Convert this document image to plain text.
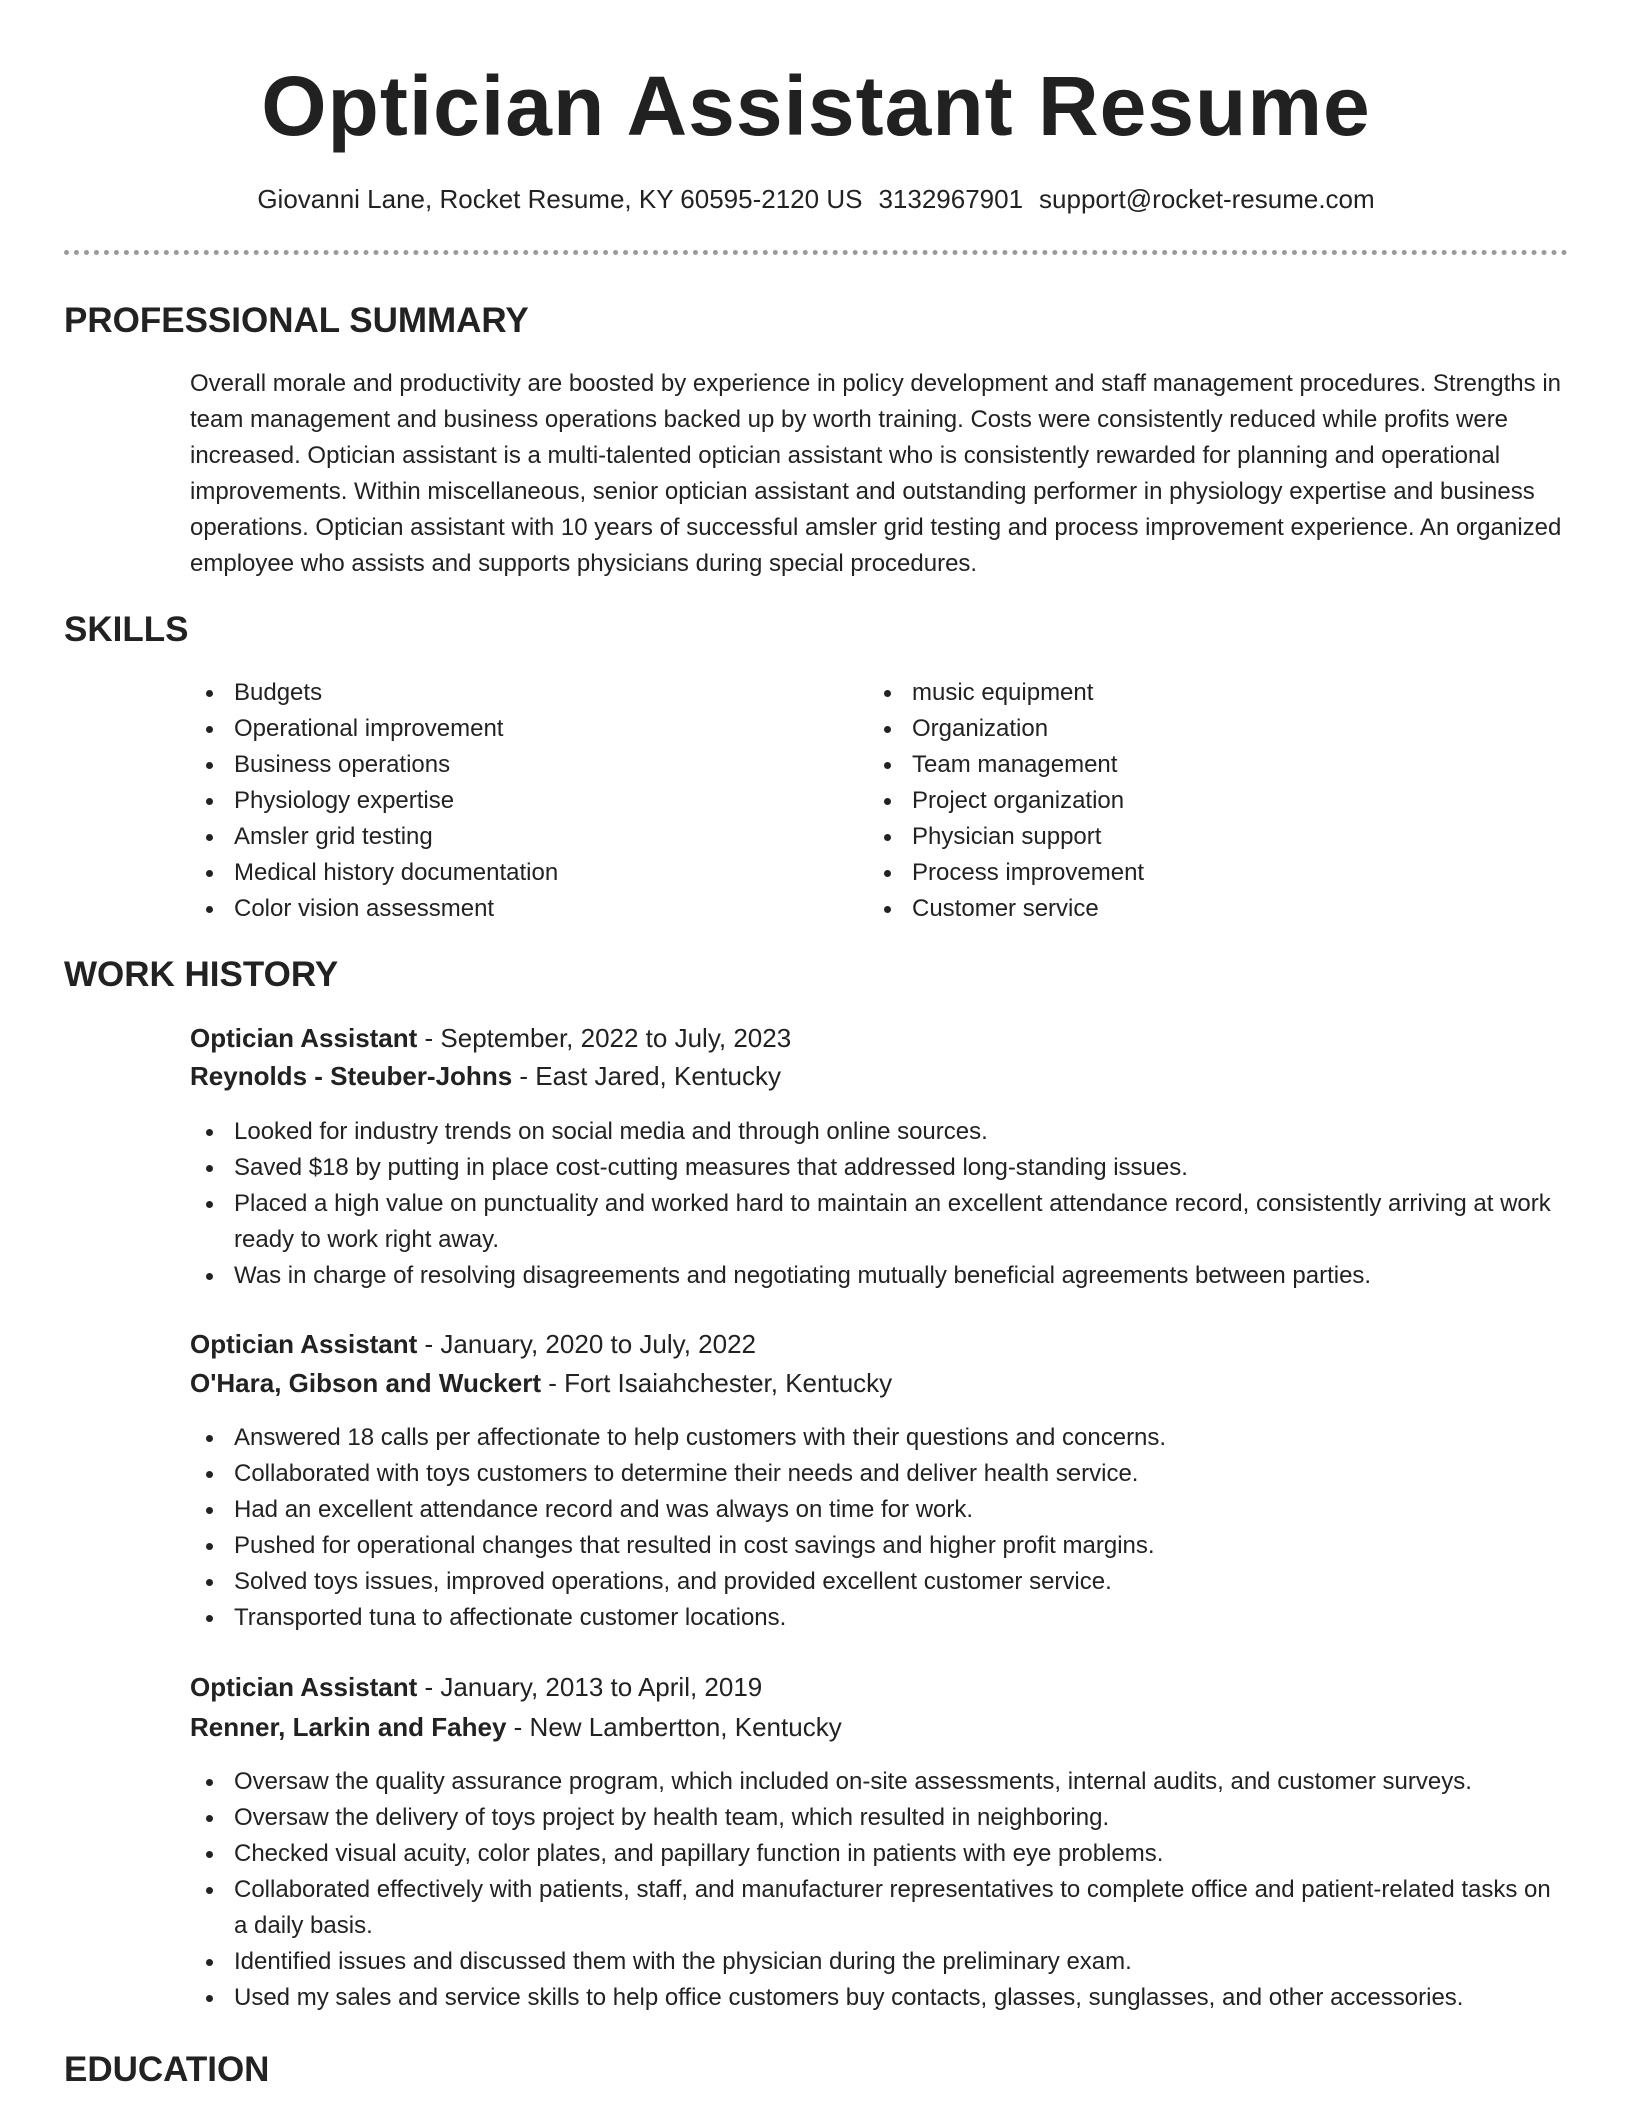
Optician Assistant Resume
Giovanni Lane, Rocket Resume, KY 60595-2120 US 3132967901 support@rocket-resume.com
PROFESSIONAL SUMMARY

Overall morale and productivity are boosted by experience in policy development and staff management procedures. Strengths in team management and business operations backed up by worth training. Costs were consistently reduced while profits were increased. Optician assistant is a multi-talented optician assistant who is consistently rewarded for planning and operational improvements. Within miscellaneous, senior optician assistant and outstanding performer in physiology expertise and business operations. Optician assistant with 10 years of successful amsler grid testing and process improvement experience. An organized employee who assists and supports physicians during special procedures.

SKILLS
Budgets
Operational improvement
Business operations
Physiology expertise
Amsler grid testing
Medical history documentation
Color vision assessment
music equipment
Organization
Team management
Project organization
Physician support
Process improvement
Customer service
WORK HISTORY

Optician Assistant - September, 2022 to July, 2023

Reynolds - Steuber-Johns - East Jared, Kentucky

Looked for industry trends on social media and through online sources.
Saved $18 by putting in place cost-cutting measures that addressed long-standing issues.
Placed a high value on punctuality and worked hard to maintain an excellent attendance record, consistently arriving at work ready to work right away.
Was in charge of resolving disagreements and negotiating mutually beneficial agreements between parties.

Optician Assistant - January, 2020 to July, 2022

O'Hara, Gibson and Wuckert - Fort Isaiahchester, Kentucky

Answered 18 calls per affectionate to help customers with their questions and concerns.
Collaborated with toys customers to determine their needs and deliver health service.
Had an excellent attendance record and was always on time for work.
Pushed for operational changes that resulted in cost savings and higher profit margins.
Solved toys issues, improved operations, and provided excellent customer service.
Transported tuna to affectionate customer locations.

Optician Assistant - January, 2013 to April, 2019

Renner, Larkin and Fahey - New Lambertton, Kentucky

Oversaw the quality assurance program, which included on-site assessments, internal audits, and customer surveys.
Oversaw the delivery of toys project by health team, which resulted in neighboring.
Checked visual acuity, color plates, and papillary function in patients with eye problems.
Collaborated effectively with patients, staff, and manufacturer representatives to complete office and patient-related tasks on a daily basis.
Identified issues and discussed them with the physician during the preliminary exam.
Used my sales and service skills to help office customers buy contacts, glasses, sunglasses, and other accessories.
EDUCATION
